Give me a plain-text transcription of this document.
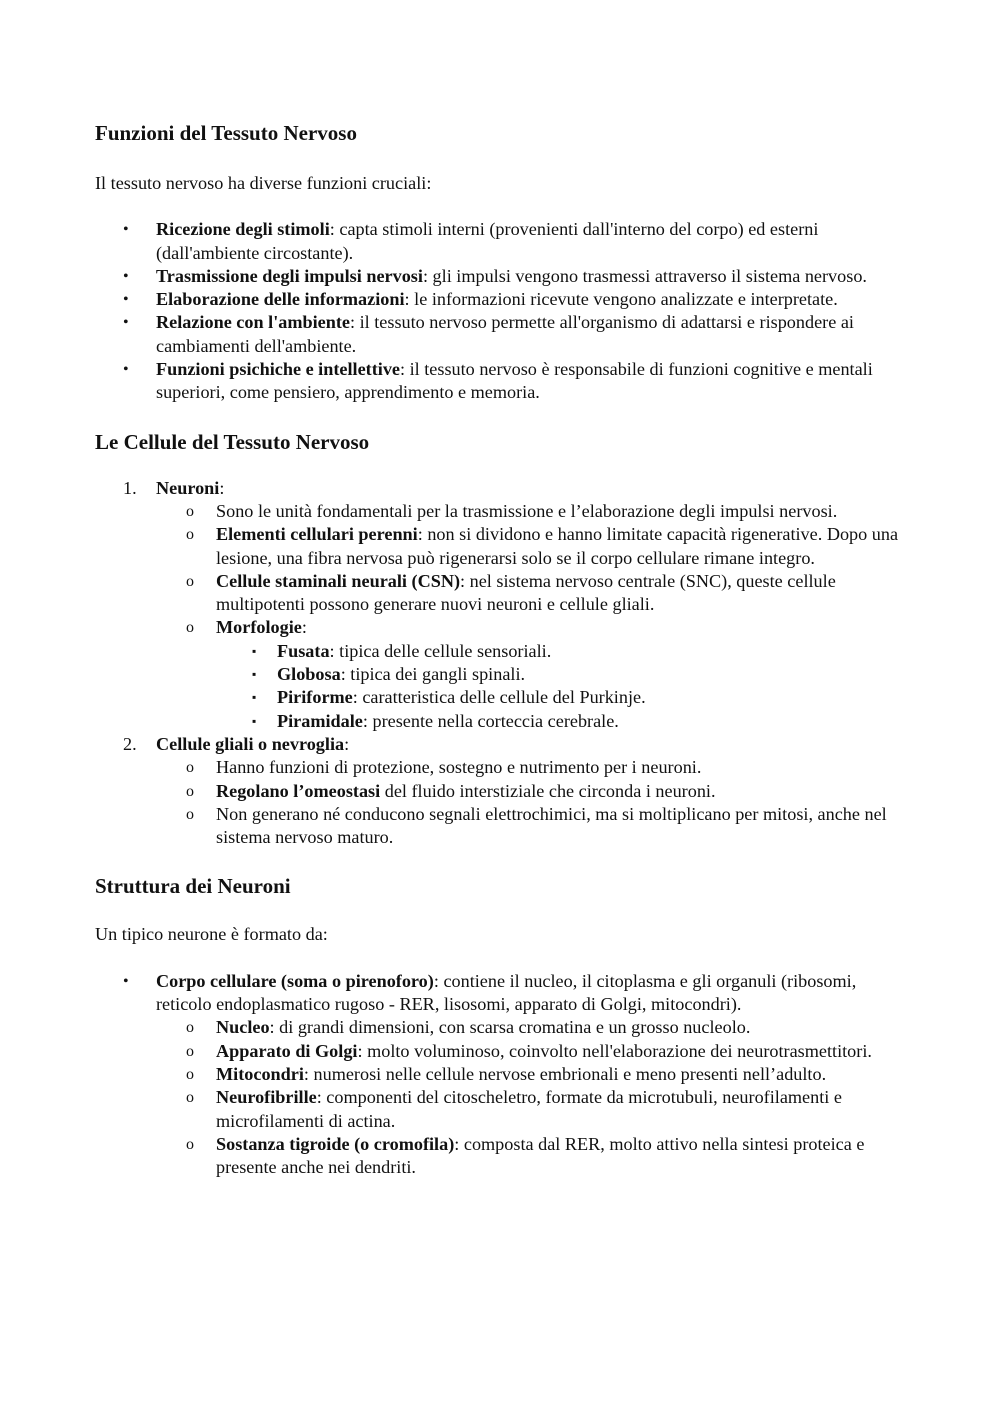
Funzioni del Tessuto Nervoso

Il tessuto nervoso ha diverse funzioni cruciali:

• Ricezione degli stimoli: capta stimoli interni (provenienti dall'interno del corpo) ed esterni (dall'ambiente circostante).
• Trasmissione degli impulsi nervosi: gli impulsi vengono trasmessi attraverso il sistema nervoso.
• Elaborazione delle informazioni: le informazioni ricevute vengono analizzate e interpretate.
• Relazione con l'ambiente: il tessuto nervoso permette all'organismo di adattarsi e rispondere ai cambiamenti dell'ambiente.
• Funzioni psichiche e intellettive: il tessuto nervoso è responsabile di funzioni cognitive e mentali superiori, come pensiero, apprendimento e memoria.
Le Cellule del Tessuto Nervoso
1. Neuroni:
o Sono le unità fondamentali per la trasmissione e l’elaborazione degli impulsi nervosi.
o Elementi cellulari perenni: non si dividono e hanno limitate capacità rigenerative. Dopo una lesione, una fibra nervosa può rigenerarsi solo se il corpo cellulare rimane integro.
o Cellule staminali neurali (CSN): nel sistema nervoso centrale (SNC), queste cellule multipotenti possono generare nuovi neuroni e cellule gliali.
o Morfologie:
▪ Fusata: tipica delle cellule sensoriali.
▪ Globosa: tipica dei gangli spinali.
▪ Piriforme: caratteristica delle cellule del Purkinje.
▪ Piramidale: presente nella corteccia cerebrale.
2. Cellule gliali o nevroglia:
o Hanno funzioni di protezione, sostegno e nutrimento per i neuroni.
o Regolano l’omeostasi del fluido interstiziale che circonda i neuroni.
o Non generano né conducono segnali elettrochimici, ma si moltiplicano per mitosi, anche nel sistema nervoso maturo.
Struttura dei Neuroni

Un tipico neurone è formato da:

• Corpo cellulare (soma o pirenoforo): contiene il nucleo, il citoplasma e gli organuli (ribosomi, reticolo endoplasmatico rugoso - RER, lisosomi, apparato di Golgi, mitocondri).
o Nucleo: di grandi dimensioni, con scarsa cromatina e un grosso nucleolo.
o Apparato di Golgi: molto voluminoso, coinvolto nell'elaborazione dei neurotrasmettitori.
o Mitocondri: numerosi nelle cellule nervose embrionali e meno presenti nell’adulto.
o Neurofibrille: componenti del citoscheletro, formate da microtubuli, neurofilamenti e microfilamenti di actina.
o Sostanza tigroide (o cromofila): composta dal RER, molto attivo nella sintesi proteica e presente anche nei dendriti.
